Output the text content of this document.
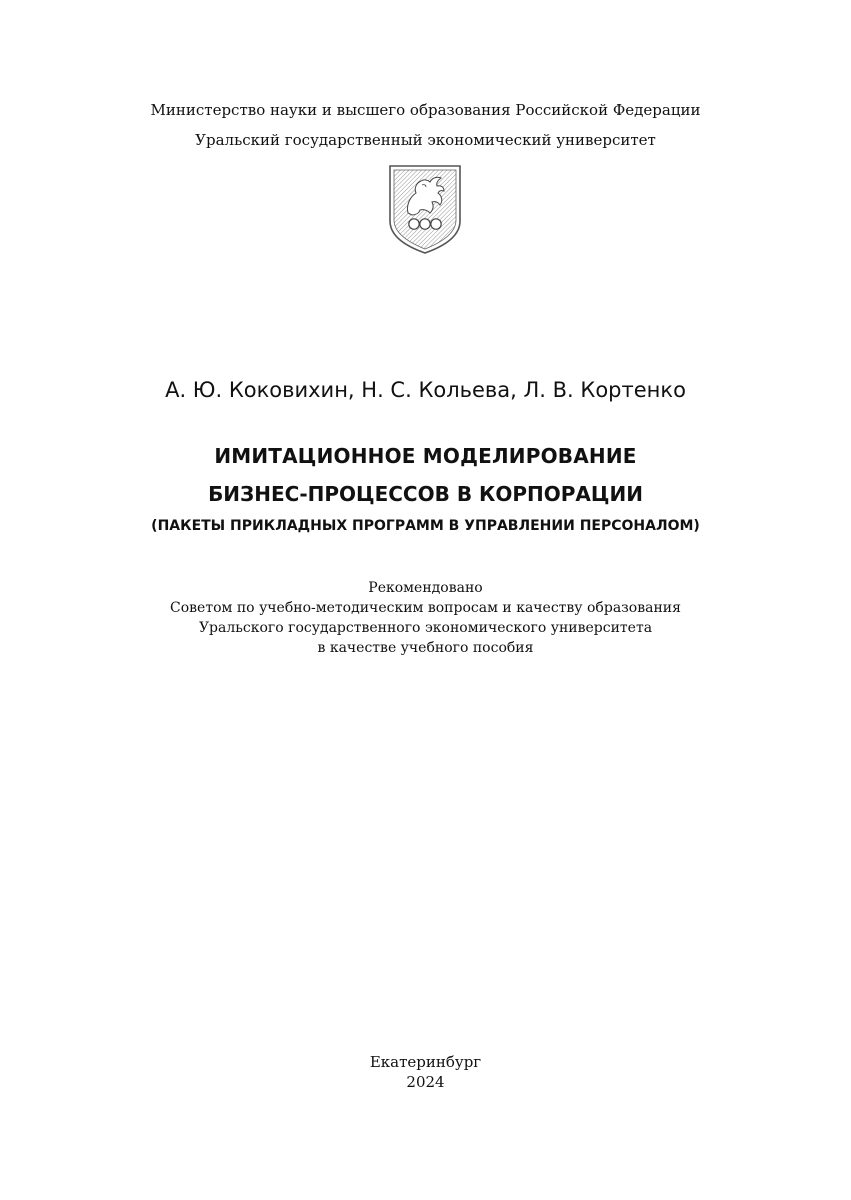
Министерство науки и высшего образования Российской Федерации

Уральский государственный экономический университет

А. Ю. Коковихин, Н. С. Кольева, Л. В. Кортенко

ИМИТАЦИОННОЕ МОДЕЛИРОВАНИЕ

БИЗНЕС-ПРОЦЕССОВ В КОРПОРАЦИИ

(ПАКЕТЫ ПРИКЛАДНЫХ ПРОГРАММ В УПРАВЛЕНИИ ПЕРСОНАЛОМ)

Рекомендовано

Советом по учебно-методическим вопросам и качеству образования

Уральского государственного экономического университета

в качестве учебного пособия

Екатеринбург

2024
